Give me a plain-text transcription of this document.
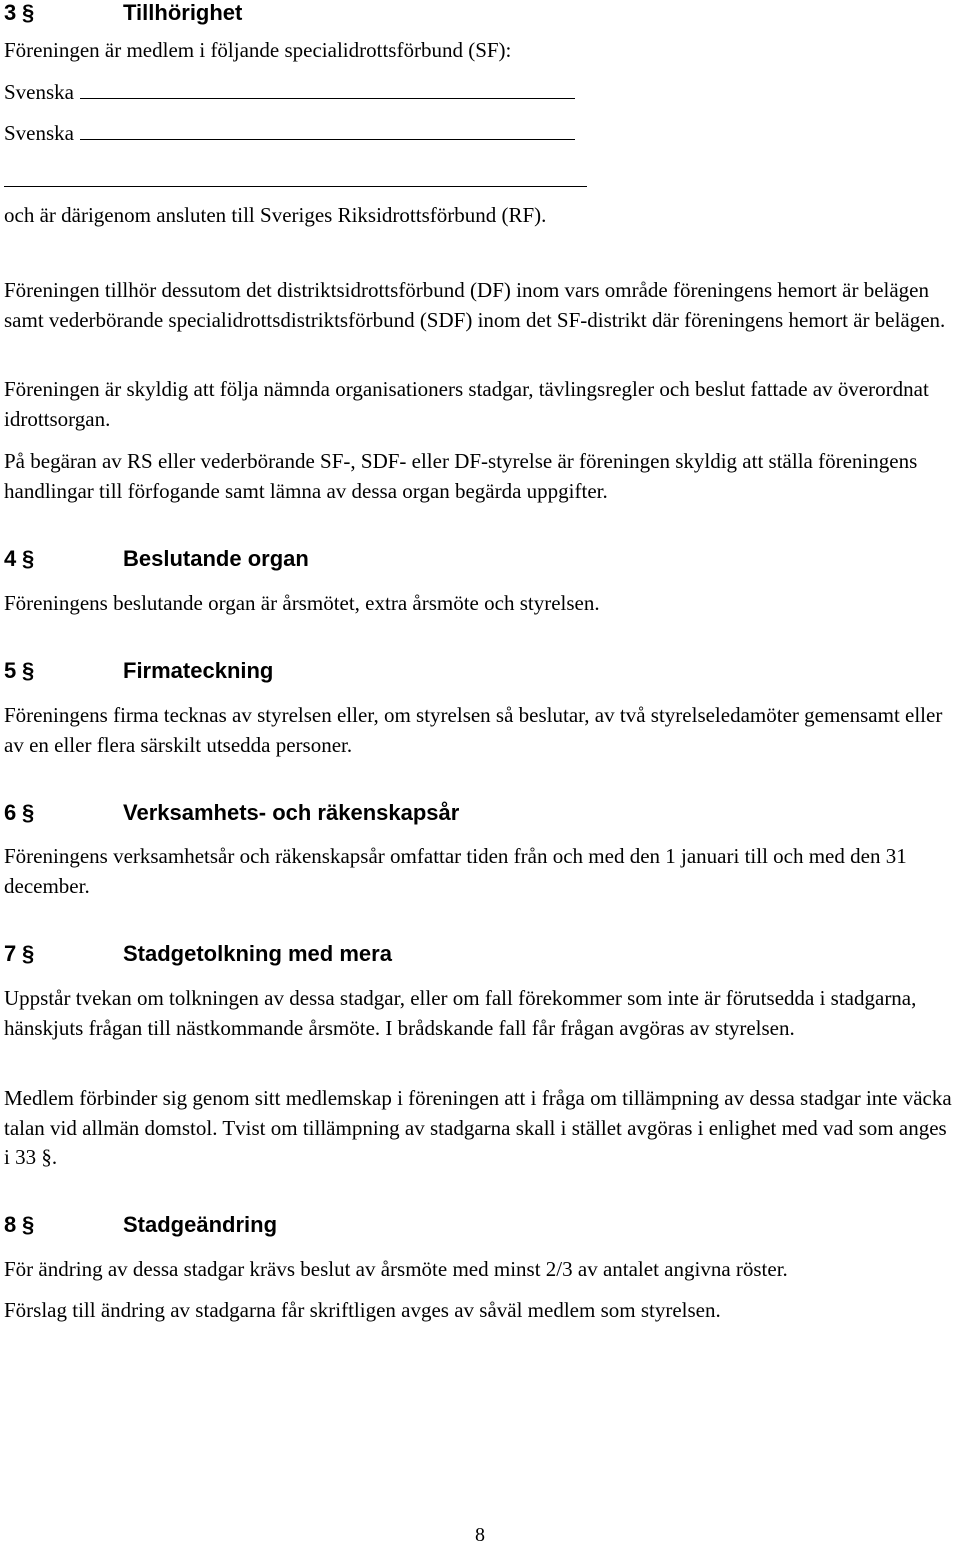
3 §	Tillhörighet
Föreningen är medlem i följande specialidrottsförbund (SF):
Svenska
Svenska
och är därigenom ansluten till Sveriges Riksidrottsförbund (RF).
Föreningen tillhör dessutom det distriktsidrottsförbund (DF) inom vars område föreningens hemort är belägen samt vederbörande specialidrottsdistriktsförbund (SDF) inom det SF-distrikt där föreningens hemort är belägen.
Föreningen är skyldig att följa nämnda organisationers stadgar, tävlingsregler och beslut fattade av överordnat idrottsorgan.
På begäran av RS eller vederbörande SF-, SDF- eller DF-styrelse är föreningen skyldig att ställa föreningens handlingar till förfogande samt lämna av dessa organ begärda uppgifter.
4 §	Beslutande organ
Föreningens beslutande organ är årsmötet, extra årsmöte och styrelsen.
5 §	Firmateckning
Föreningens firma tecknas av styrelsen eller, om styrelsen så beslutar, av två styrelseledamöter gemensamt eller av en eller flera särskilt utsedda personer.
6 §	Verksamhets- och räkenskapsår
Föreningens verksamhetsår och räkenskapsår omfattar tiden från och med den 1 januari till och med den 31 december.
7 §	Stadgetolkning med mera
Uppstår tvekan om tolkningen av dessa stadgar, eller om fall förekommer som inte är förutsedda i stadgarna, hänskjuts frågan till nästkommande årsmöte. I brådskande fall får frågan avgöras av styrelsen.
Medlem förbinder sig genom sitt medlemskap i föreningen att i fråga om tillämpning av dessa stadgar inte väcka talan vid allmän domstol. Tvist om tillämpning av stadgarna skall i stället avgöras i enlighet med vad som anges i 33 §.
8 §	Stadgeändring
För ändring av dessa stadgar krävs beslut av årsmöte med minst 2/3 av antalet angivna röster.
Förslag till ändring av stadgarna får skriftligen avges av såväl medlem som styrelsen.
8
